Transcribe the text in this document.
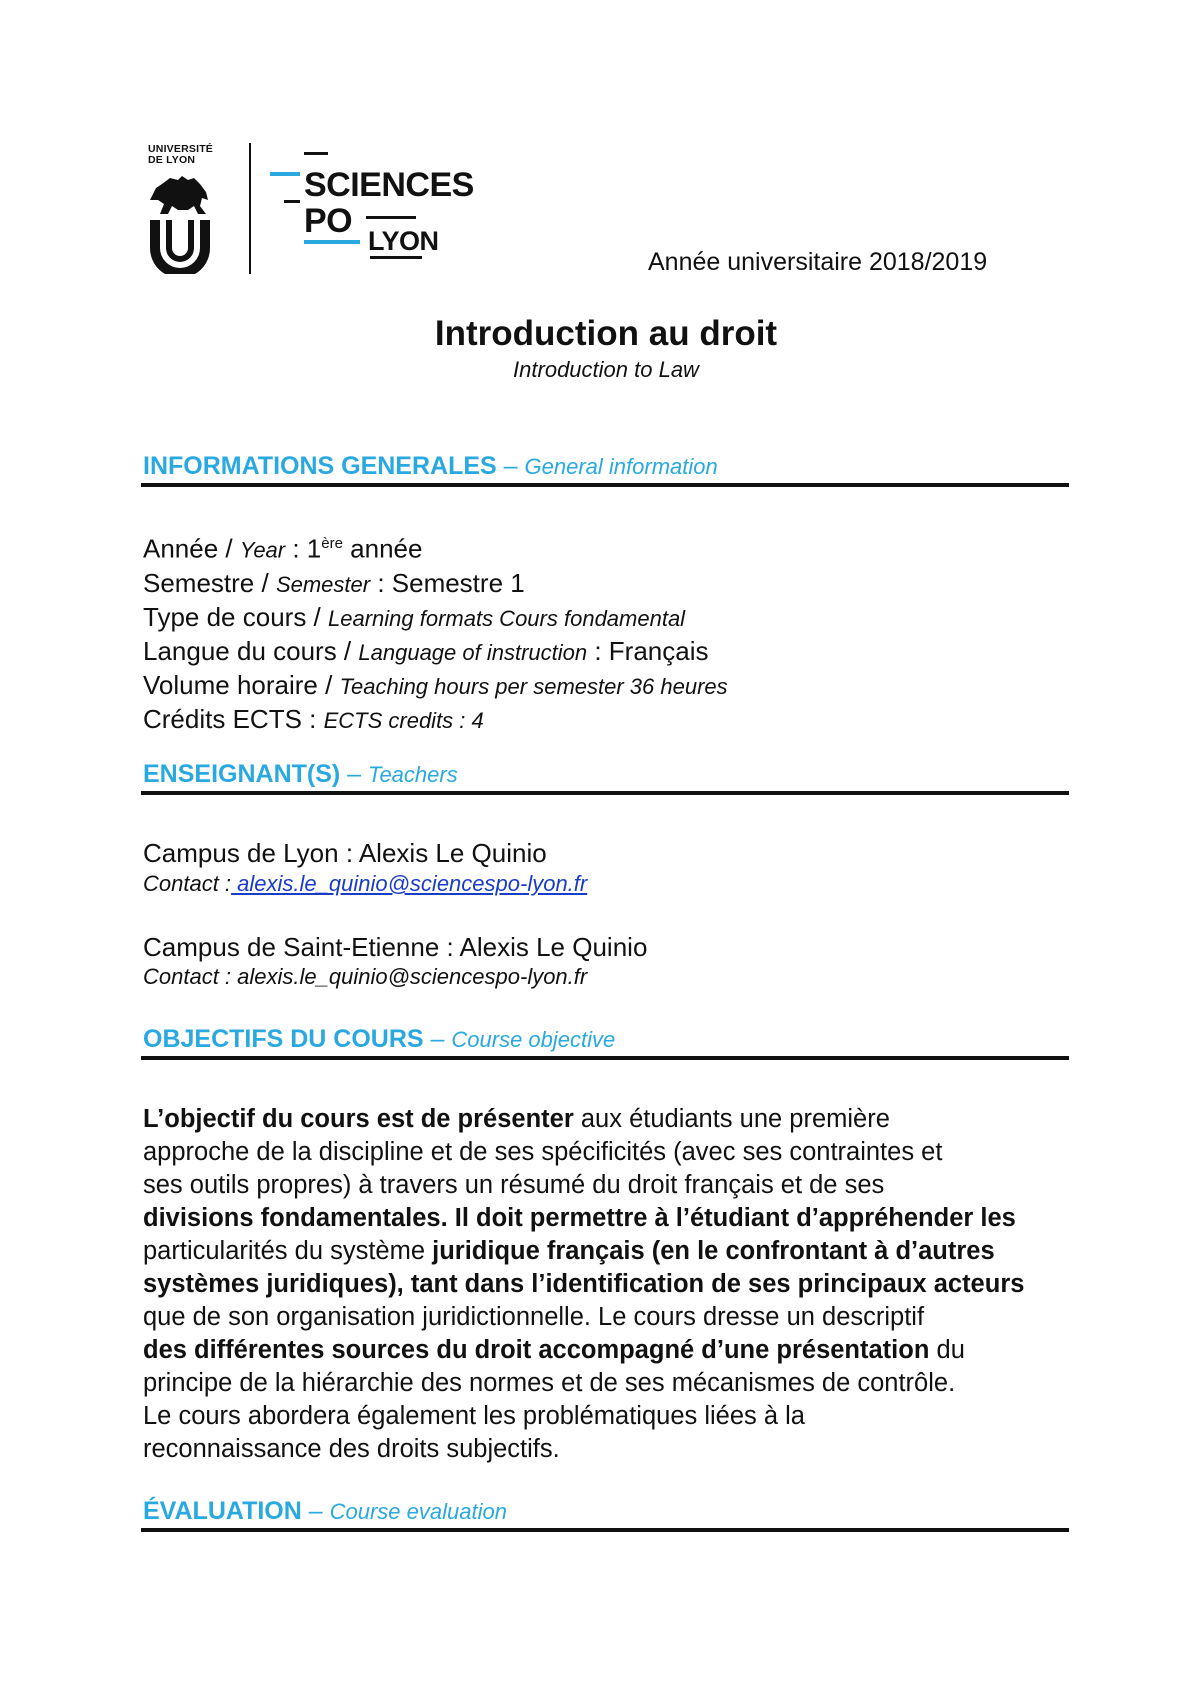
UNIVERSITÉ
DE LYON
SCIENCES
PO
LYON
Année universitaire 2018/2019
Introduction au droit
Introduction to Law
INFORMATIONS GENERALES – General information
Année / Year : 1ère année
Semestre / Semester : Semestre 1
Type de cours / Learning formats Cours fondamental
Langue du cours / Language of instruction : Français
Volume horaire / Teaching hours per semester 36 heures
Crédits ECTS : ECTS credits : 4
ENSEIGNANT(S) – Teachers
Campus de Lyon : Alexis Le Quinio
Contact : alexis.le_quinio@sciencespo-lyon.fr
Campus de Saint-Etienne : Alexis Le Quinio
Contact : alexis.le_quinio@sciencespo-lyon.fr
OBJECTIFS DU COURS – Course objective
L’objectif du cours est de présenter aux étudiants une première
approche de la discipline et de ses spécificités (avec ses contraintes et
ses outils propres) à travers un résumé du droit français et de ses
divisions fondamentales. Il doit permettre à l’étudiant d’appréhender les
particularités du système juridique français (en le confrontant à d’autres
systèmes juridiques), tant dans l’identification de ses principaux acteurs
que de son organisation juridictionnelle. Le cours dresse un descriptif
des différentes sources du droit accompagné d’une présentation du
principe de la hiérarchie des normes et de ses mécanismes de contrôle.
Le cours abordera également les problématiques liées à la
reconnaissance des droits subjectifs.
ÉVALUATION – Course evaluation
